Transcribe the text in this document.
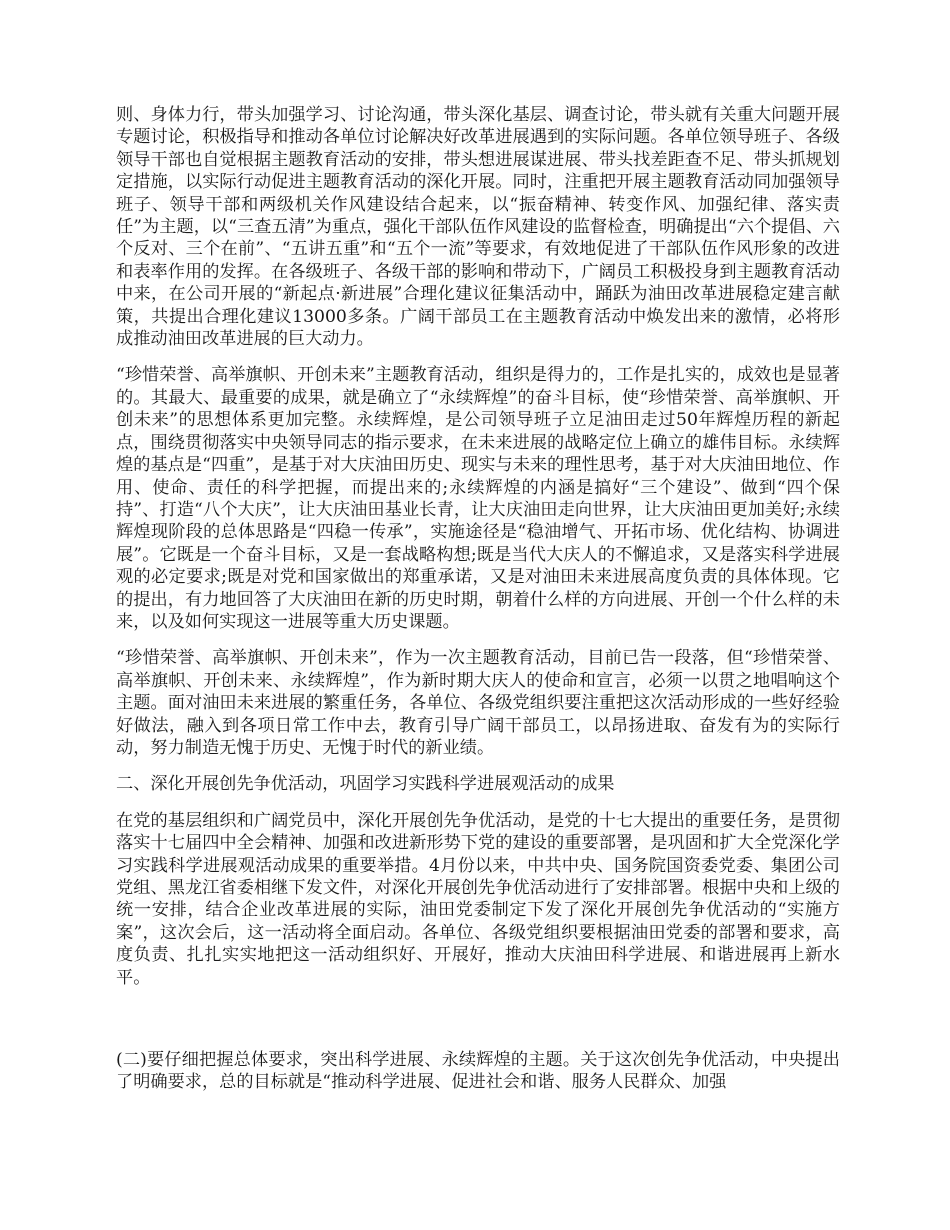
则、身体力行，带头加强学习、讨论沟通，带头深化基层、调查讨论，带头就有关重大问题开展专题讨论，积极指导和推动各单位讨论解决好改革进展遇到的实际问题。各单位领导班子、各级领导干部也自觉根据主题教育活动的安排，带头想进展谋进展、带头找差距查不足、带头抓规划定措施，以实际行动促进主题教育活动的深化开展。同时，注重把开展主题教育活动同加强领导班子、领导干部和两级机关作风建设结合起来，以“振奋精神、转变作风、加强纪律、落实责任”为主题，以“三查五清”为重点，强化干部队伍作风建设的监督检查，明确提出“六个提倡、六个反对、三个在前”、“五讲五重”和“五个一流”等要求，有效地促进了干部队伍作风形象的改进和表率作用的发挥。在各级班子、各级干部的影响和带动下，广阔员工积极投身到主题教育活动中来，在公司开展的“新起点·新进展”合理化建议征集活动中，踊跃为油田改革进展稳定建言献策，共提出合理化建议13000多条。广阔干部员工在主题教育活动中焕发出来的激情，必将形成推动油田改革进展的巨大动力。

“珍惜荣誉、高举旗帜、开创未来”主题教育活动，组织是得力的，工作是扎实的，成效也是显著的。其最大、最重要的成果，就是确立了“永续辉煌”的奋斗目标，使“珍惜荣誉、高举旗帜、开创未来”的思想体系更加完整。永续辉煌，是公司领导班子立足油田走过50年辉煌历程的新起点，围绕贯彻落实中央领导同志的指示要求，在未来进展的战略定位上确立的雄伟目标。永续辉煌的基点是“四重”，是基于对大庆油田历史、现实与未来的理性思考，基于对大庆油田地位、作用、使命、责任的科学把握，而提出来的;永续辉煌的内涵是搞好“三个建设”、做到“四个保持”、打造“八个大庆”，让大庆油田基业长青，让大庆油田走向世界，让大庆油田更加美好;永续辉煌现阶段的总体思路是“四稳一传承”，实施途径是“稳油增气、开拓市场、优化结构、协调进展”。它既是一个奋斗目标，又是一套战略构想;既是当代大庆人的不懈追求，又是落实科学进展观的必定要求;既是对党和国家做出的郑重承诺，又是对油田未来进展高度负责的具体体现。它的提出，有力地回答了大庆油田在新的历史时期，朝着什么样的方向进展、开创一个什么样的未来，以及如何实现这一进展等重大历史课题。

“珍惜荣誉、高举旗帜、开创未来”，作为一次主题教育活动，目前已告一段落，但“珍惜荣誉、高举旗帜、开创未来、永续辉煌”，作为新时期大庆人的使命和宣言，必须一以贯之地唱响这个主题。面对油田未来进展的繁重任务，各单位、各级党组织要注重把这次活动形成的一些好经验好做法，融入到各项日常工作中去，教育引导广阔干部员工，以昂扬进取、奋发有为的实际行动，努力制造无愧于历史、无愧于时代的新业绩。

二、深化开展创先争优活动，巩固学习实践科学进展观活动的成果

在党的基层组织和广阔党员中，深化开展创先争优活动，是党的十七大提出的重要任务，是贯彻落实十七届四中全会精神、加强和改进新形势下党的建设的重要部署，是巩固和扩大全党深化学习实践科学进展观活动成果的重要举措。4月份以来，中共中央、国务院国资委党委、集团公司党组、黑龙江省委相继下发文件，对深化开展创先争优活动进行了安排部署。根据中央和上级的统一安排，结合企业改革进展的实际，油田党委制定下发了深化开展创先争优活动的“实施方案”，这次会后，这一活动将全面启动。各单位、各级党组织要根据油田党委的部署和要求，高度负责、扎扎实实地把这一活动组织好、开展好，推动大庆油田科学进展、和谐进展再上新水平。

(二)要仔细把握总体要求，突出科学进展、永续辉煌的主题。关于这次创先争优活动，中央提出了明确要求，总的目标就是“推动科学进展、促进社会和谐、服务人民群众、加强
